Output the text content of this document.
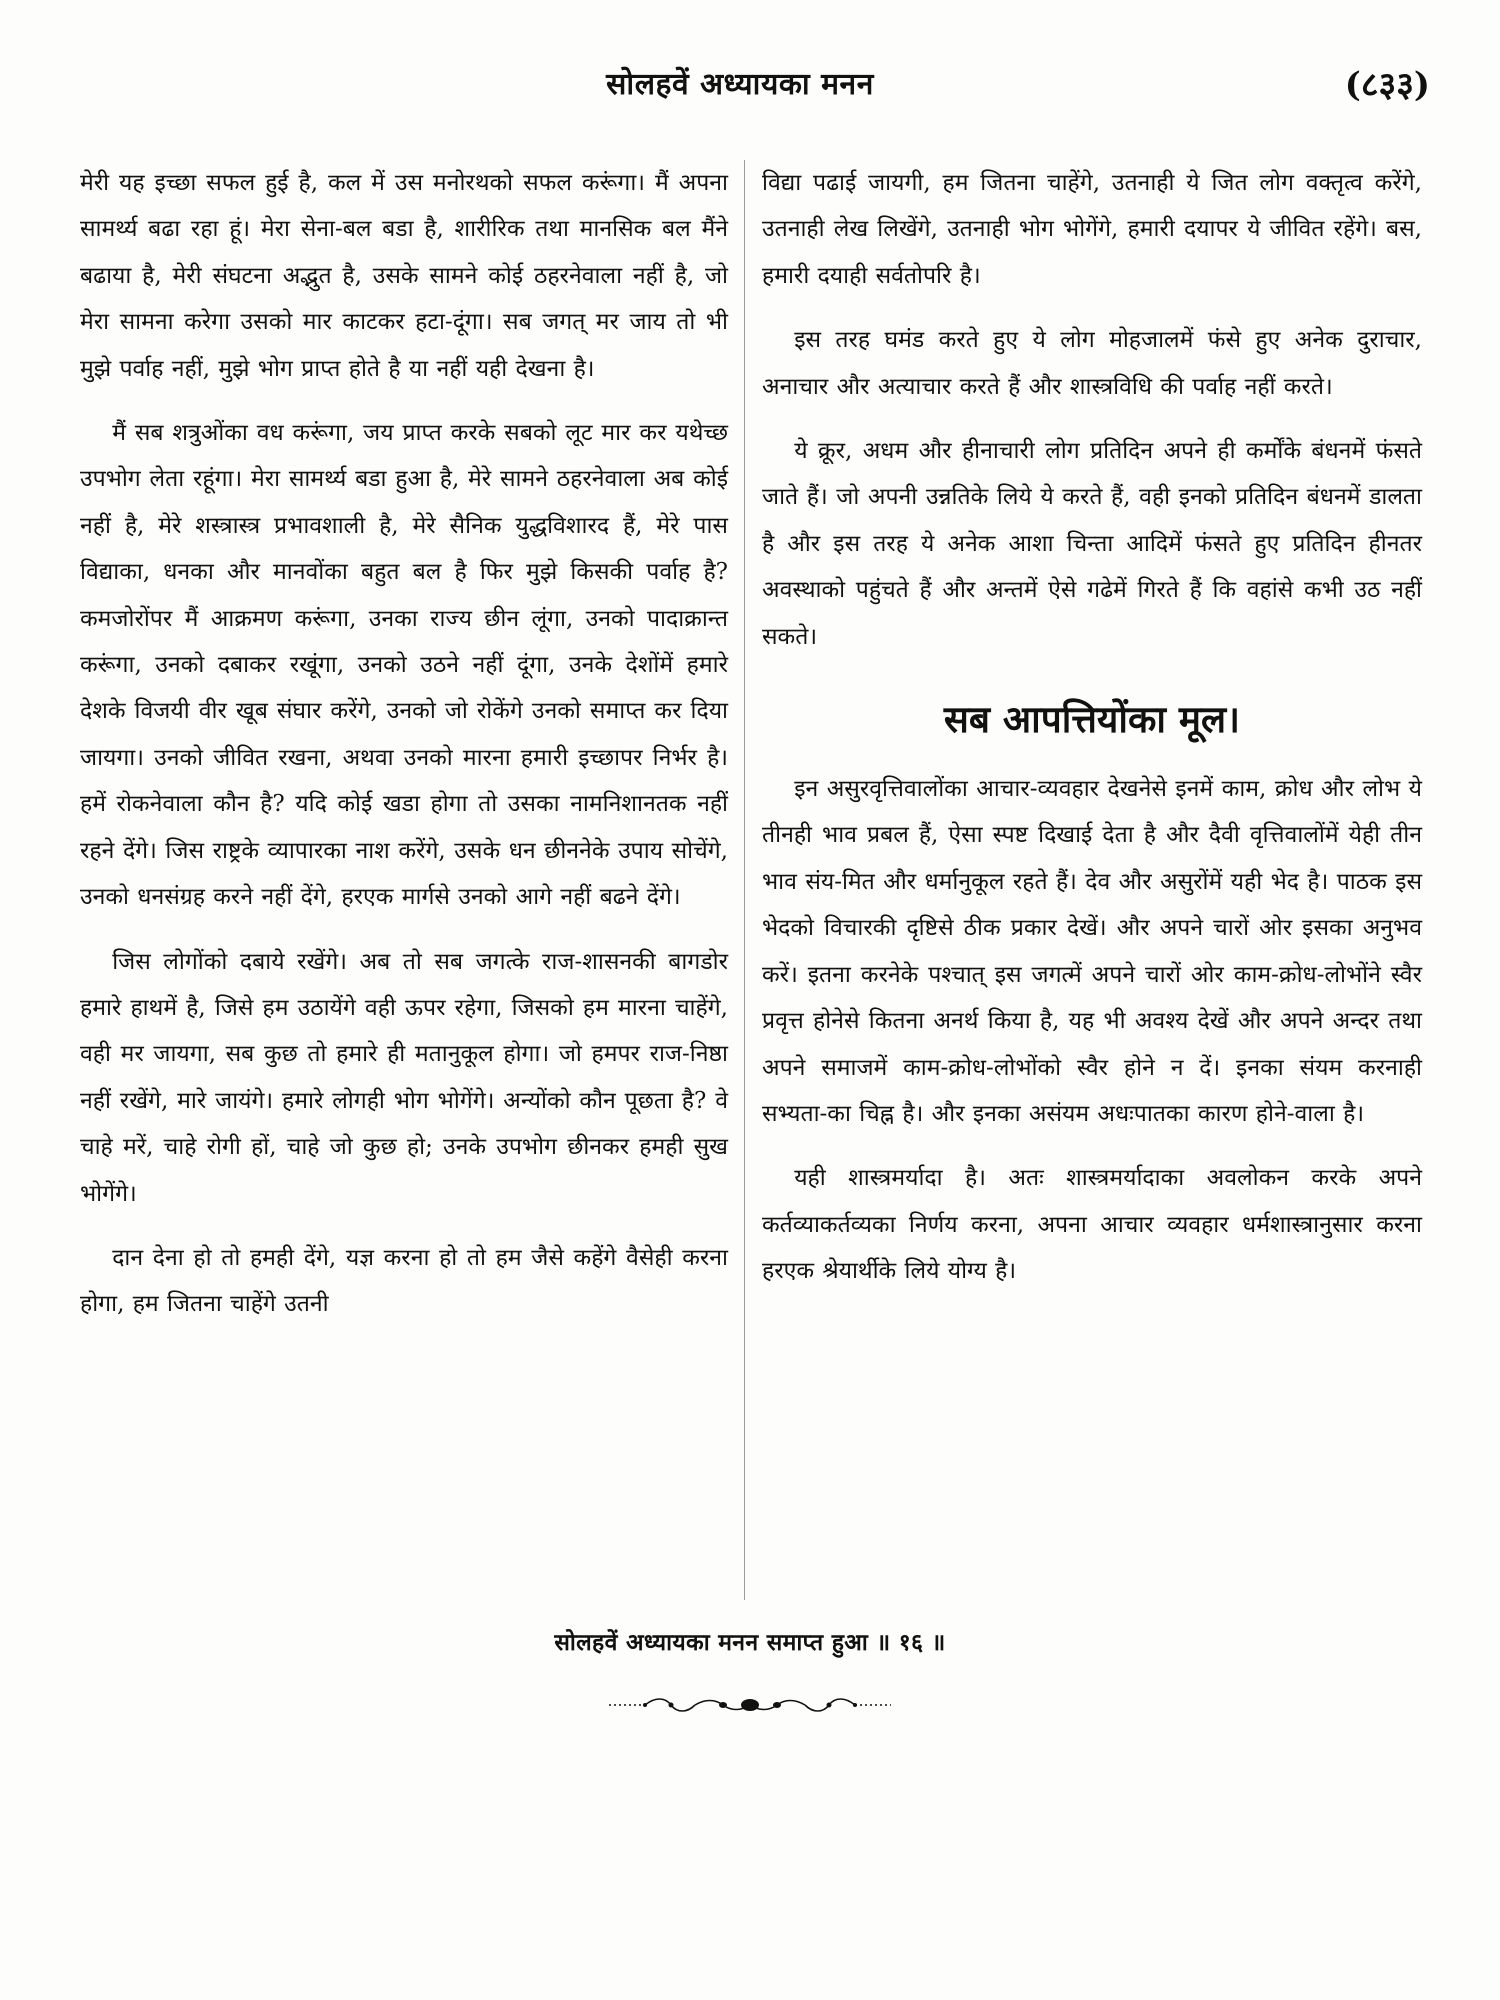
सोलहवें अध्यायका मनन	(८३३)

मेरी यह इच्छा सफल हुई है, कल में उस मनोरथको सफल करूंगा। मैं अपना सामर्थ्य बढा रहा हूं। मेरा सेना-बल बडा है, शारीरिक तथा मानसिक बल मैंने बढाया है, मेरी संघटना अद्भुत है, उसके सामने कोई ठहरनेवाला नहीं है, जो मेरा सामना करेगा उसको मार काटकर हटा-दूंगा। सब जगत् मर जाय तो भी मुझे पर्वाह नहीं, मुझे भोग प्राप्त होते है या नहीं यही देखना है।

मैं सब शत्रुओंका वध करूंगा, जय प्राप्त करके सबको लूट मार कर यथेच्छ उपभोग लेता रहूंगा। मेरा सामर्थ्य बडा हुआ है, मेरे सामने ठहरनेवाला अब कोई नहीं है, मेरे शस्त्रास्त्र प्रभावशाली है, मेरे सैनिक युद्धविशारद हैं, मेरे पास विद्याका, धनका और मानवोंका बहुत बल है फिर मुझे किसकी पर्वाह है? कमजोरोंपर मैं आक्रमण करूंगा, उनका राज्य छीन लूंगा, उनको पादाक्रान्त करूंगा, उनको दबाकर रखूंगा, उनको उठने नहीं दूंगा, उनके देशोंमें हमारे देशके विजयी वीर खूब संघार करेंगे, उनको जो रोकेंगे उनको समाप्त कर दिया जायगा। उनको जीवित रखना, अथवा उनको मारना हमारी इच्छापर निर्भर है। हमें रोकनेवाला कौन है? यदि कोई खडा होगा तो उसका नामनिशानतक नहीं रहने देंगे। जिस राष्ट्रके व्यापारका नाश करेंगे, उसके धन छीननेके उपाय सोचेंगे, उनको धनसंग्रह करने नहीं देंगे, हरएक मार्गसे उनको आगे नहीं बढने देंगे।

जिस लोगोंको दबाये रखेंगे। अब तो सब जगत्के राज-शासनकी बागडोर हमारे हाथमें है, जिसे हम उठायेंगे वही ऊपर रहेगा, जिसको हम मारना चाहेंगे, वही मर जायगा, सब कुछ तो हमारे ही मतानुकूल होगा। जो हमपर राज-निष्ठा नहीं रखेंगे, मारे जायंगे। हमारे लोगही भोग भोगेंगे। अन्योंको कौन पूछता है? वे चाहे मरें, चाहे रोगी हों, चाहे जो कुछ हो; उनके उपभोग छीनकर हमही सुख भोगेंगे।

दान देना हो तो हमही देंगे, यज्ञ करना हो तो हम जैसे कहेंगे वैसेही करना होगा, हम जितना चाहेंगे उतनी

विद्या पढाई जायगी, हम जितना चाहेंगे, उतनाही ये जित लोग वक्तृत्व करेंगे, उतनाही लेख लिखेंगे, उतनाही भोग भोगेंगे, हमारी दयापर ये जीवित रहेंगे। बस, हमारी दयाही सर्वतोपरि है।

इस तरह घमंड करते हुए ये लोग मोहजालमें फंसे हुए अनेक दुराचार, अनाचार और अत्याचार करते हैं और शास्त्रविधि की पर्वाह नहीं करते।

ये क्रूर, अधम और हीनाचारी लोग प्रतिदिन अपने ही कर्मोंके बंधनमें फंसते जाते हैं। जो अपनी उन्नतिके लिये ये करते हैं, वही इनको प्रतिदिन बंधनमें डालता है और इस तरह ये अनेक आशा चिन्ता आदिमें फंसते हुए प्रतिदिन हीनतर अवस्थाको पहुंचते हैं और अन्तमें ऐसे गढेमें गिरते हैं कि वहांसे कभी उठ नहीं सकते।

सब आपत्तियोंका मूल।

इन असुरवृत्तिवालोंका आचार-व्यवहार देखनेसे इनमें काम, क्रोध और लोभ ये तीनही भाव प्रबल हैं, ऐसा स्पष्ट दिखाई देता है और दैवी वृत्तिवालोंमें येही तीन भाव संय-मित और धर्मानुकूल रहते हैं। देव और असुरोंमें यही भेद है। पाठक इस भेदको विचारकी दृष्टिसे ठीक प्रकार देखें। और अपने चारों ओर इसका अनुभव करें। इतना करनेके पश्चात् इस जगत्में अपने चारों ओर काम-क्रोध-लोभोंने स्वैर प्रवृत्त होनेसे कितना अनर्थ किया है, यह भी अवश्य देखें और अपने अन्दर तथा अपने समाजमें काम-क्रोध-लोभोंको स्वैर होने न दें। इनका संयम करनाही सभ्यता-का चिह्न है। और इनका असंयम अधःपातका कारण होने-वाला है।

यही शास्त्रमर्यादा है। अतः शास्त्रमर्यादाका अवलोकन करके अपने कर्तव्याकर्तव्यका निर्णय करना, अपना आचार व्यवहार धर्मशास्त्रानुसार करना हरएक श्रेयार्थीके लिये योग्य है।

सोलहवें अध्यायका मनन समाप्त हुआ ॥ १६ ॥
